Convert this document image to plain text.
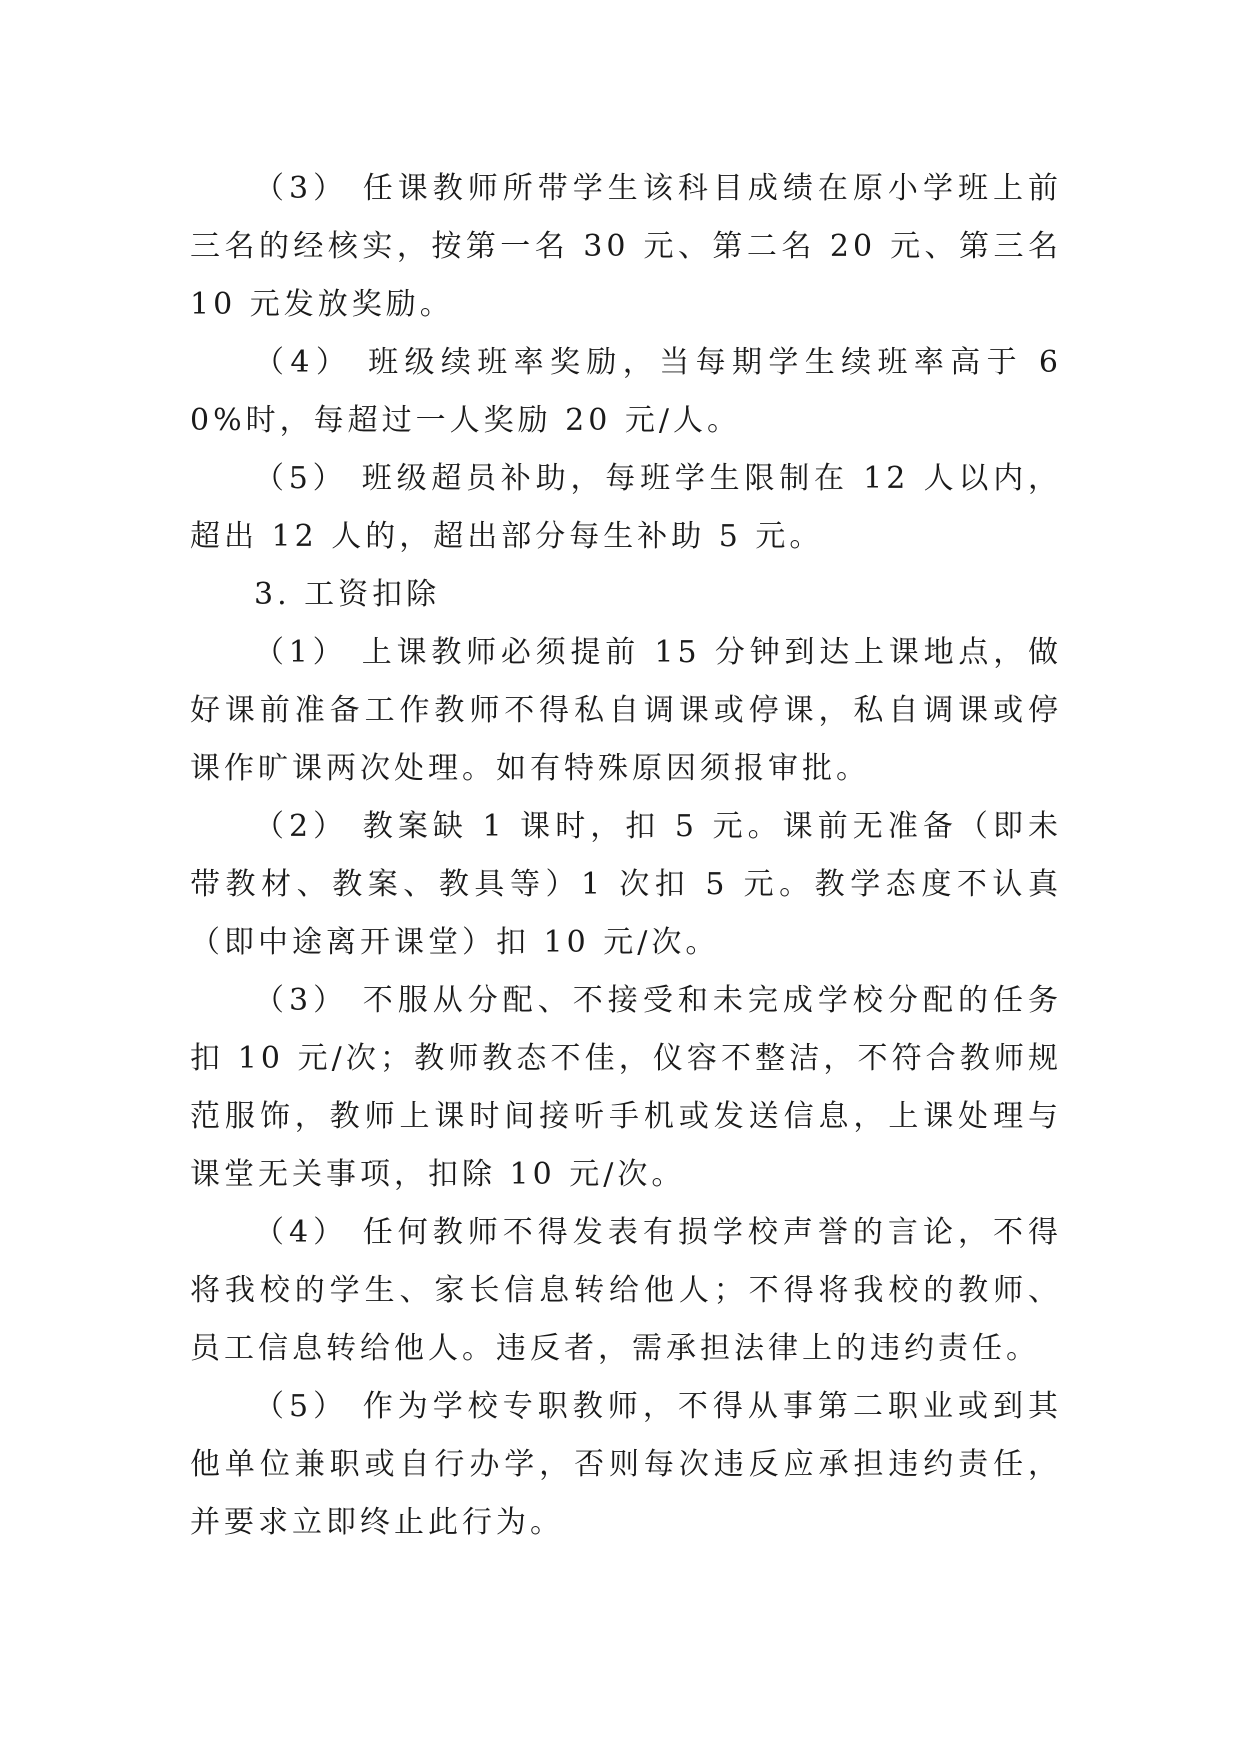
（3） 任课教师所带学生该科目成绩在原小学班上前三名的经核实，按第一名 30 元、第二名 20 元、第三名 10 元发放奖励。

（4） 班级续班率奖励，当每期学生续班率高于 60%时，每超过一人奖励 20 元/人。

（5） 班级超员补助，每班学生限制在 12 人以内，超出 12 人的，超出部分每生补助 5 元。

3. 工资扣除

（1） 上课教师必须提前 15 分钟到达上课地点，做好课前准备工作教师不得私自调课或停课，私自调课或停课作旷课两次处理。如有特殊原因须报审批。

（2） 教案缺 1 课时，扣 5 元。课前无准备（即未带教材、教案、教具等）1 次扣 5 元。教学态度不认真（即中途离开课堂）扣 10 元/次。

（3） 不服从分配、不接受和未完成学校分配的任务扣 10 元/次；教师教态不佳，仪容不整洁，不符合教师规范服饰，教师上课时间接听手机或发送信息，上课处理与课堂无关事项，扣除 10 元/次。

（4） 任何教师不得发表有损学校声誉的言论，不得将我校的学生、家长信息转给他人；不得将我校的教师、员工信息转给他人。违反者，需承担法律上的违约责任。

（5） 作为学校专职教师，不得从事第二职业或到其他单位兼职或自行办学，否则每次违反应承担违约责任，并要求立即终止此行为。
